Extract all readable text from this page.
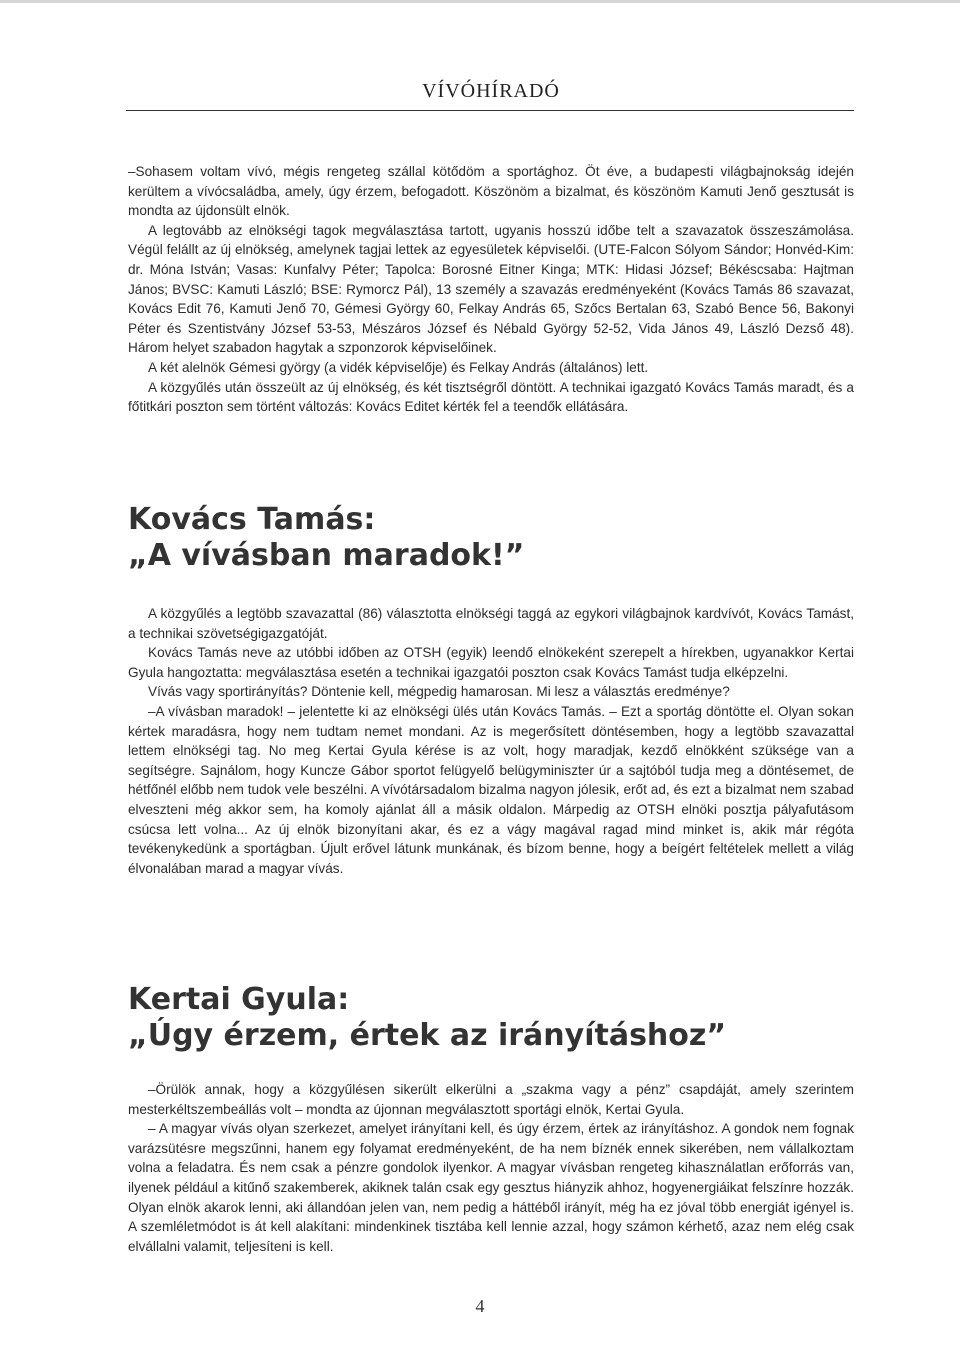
VÍVÓHÍRADÓ

–Sohasem voltam vívó, mégis rengeteg szállal kötődöm a sportághoz. Öt éve, a budapesti világbajnokság idején kerültem a vívócsaládba, amely, úgy érzem, befogadott. Köszönöm a bizalmat, és köszönöm Kamuti Jenő gesztusát is mondta az újdonsült elnök.

A legtovább az elnökségi tagok megválasztása tartott, ugyanis hosszú időbe telt a szavazatok összeszámolása. Végül felállt az új elnökség, amelynek tagjai lettek az egyesületek képviselői. (UTE-Falcon Sólyom Sándor; Honvéd-Kim: dr. Móna István; Vasas: Kunfalvy Péter; Tapolca: Borosné Eitner Kinga; MTK: Hidasi József; Békéscsaba: Hajtman János; BVSC: Kamuti László; BSE: Rymorcz Pál), 13 személy a szavazás eredményeként (Kovács Tamás 86 szavazat, Kovács Edit 76, Kamuti Jenő 70, Gémesi György 60, Felkay András 65, Szőcs Bertalan 63, Szabó Bence 56, Bakonyi Péter és Szentistvány József 53-53, Mészáros József és Nébald György 52-52, Vida János 49, László Dezső 48). Három helyet szabadon hagytak a szponzorok képviselőinek.

A két alelnök Gémesi györgy (a vidék képviselője) és Felkay András (általános) lett.

A közgyűlés után összeült az új elnökség, és két tisztségről döntött. A technikai igazgató Kovács Tamás maradt, és a főtitkári poszton sem történt változás: Kovács Editet kérték fel a teendők ellátására.

Kovács Tamás:

„A vívásban maradok!”

A közgyűlés a legtöbb szavazattal (86) választotta elnökségi taggá az egykori világbajnok kardvívót, Kovács Tamást, a technikai szövetségigazgatóját.

Kovács Tamás neve az utóbbi időben az OTSH (egyik) leendő elnökeként szerepelt a hírekben, ugyanakkor Kertai Gyula hangoztatta: megválasztása esetén a technikai igazgatói poszton csak Kovács Tamást tudja elképzelni.

Vívás vagy sportirányítás? Döntenie kell, mégpedig hamarosan. Mi lesz a választás eredménye?

–A vívásban maradok! – jelentette ki az elnökségi ülés után Kovács Tamás. – Ezt a sportág döntötte el. Olyan sokan kértek maradásra, hogy nem tudtam nemet mondani. Az is megerősített döntésemben, hogy a legtöbb szavazattal lettem elnökségi tag. No meg Kertai Gyula kérése is az volt, hogy maradjak, kezdő elnökként szüksége van a segítségre. Sajnálom, hogy Kuncze Gábor sportot felügyelő belügyminiszter úr a sajtóból tudja meg a döntésemet, de hétfőnél előbb nem tudok vele beszélni. A vívótársadalom bizalma nagyon jólesik, erőt ad, és ezt a bizalmat nem szabad elveszteni még akkor sem, ha komoly ajánlat áll a másik oldalon. Márpedig az OTSH elnöki posztja pályafutásom csúcsa lett volna... Az új elnök bizonyítani akar, és ez a vágy magával ragad mind minket is, akik már régóta tevékenykedünk a sportágban. Újult erővel látunk munkának, és bízom benne, hogy a beígért feltételek mellett a világ élvonalában marad a magyar vívás.

Kertai Gyula:

„Úgy érzem, értek az irányításhoz”

–Örülök annak, hogy a közgyűlésen sikerült elkerülni a „szakma vagy a pénz” csapdáját, amely szerintem mesterkéltszembeállás volt – mondta az újonnan megválasztott sportági elnök, Kertai Gyula.

– A magyar vívás olyan szerkezet, amelyet irányítani kell, és úgy érzem, értek az irányításhoz. A gondok nem fognak varázsütésre megszűnni, hanem egy folyamat eredményeként, de ha nem bíznék ennek sikerében, nem vállalkoztam volna a feladatra. És nem csak a pénzre gondolok ilyenkor. A magyar vívásban rengeteg kihasználatlan erőforrás van, ilyenek például a kitűnő szakemberek, akiknek talán csak egy gesztus hiányzik ahhoz, hogyenergiáikat felszínre hozzák. Olyan elnök akarok lenni, aki állandóan jelen van, nem pedig a háttéből irányít, még ha ez jóval több energiát igényel is. A szemléletmódot is át kell alakítani: mindenkinek tisztába kell lennie azzal, hogy számon kérhető, azaz nem elég csak elvállalni valamit, teljesíteni is kell.

4
